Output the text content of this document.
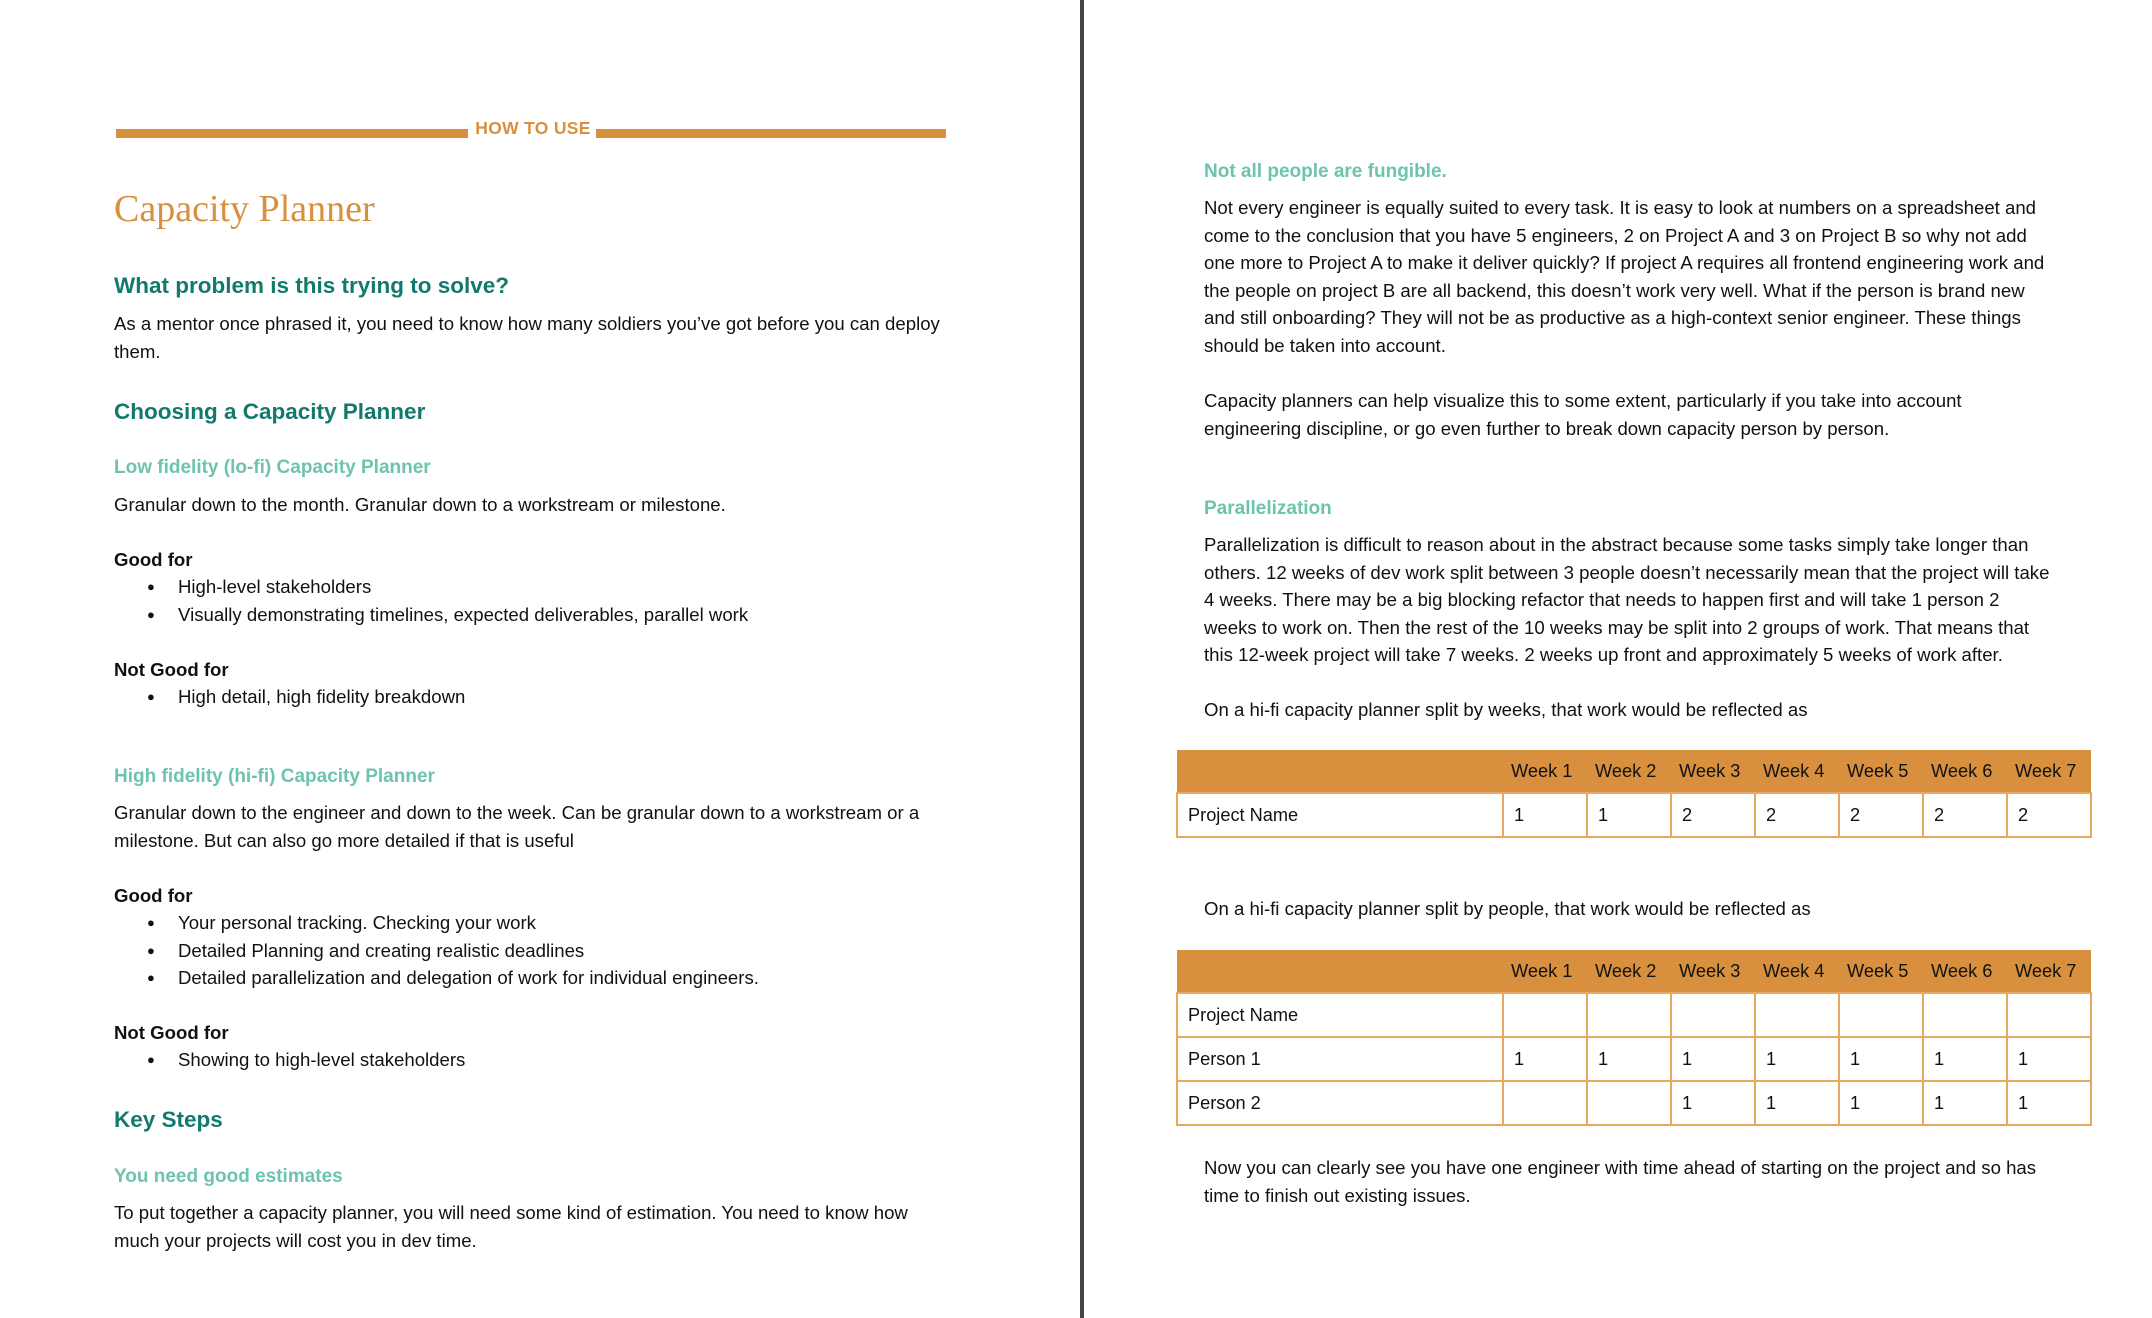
HOW TO USE
Capacity Planner
What problem is this trying to solve?

As a mentor once phrased it, you need to know how many soldiers you’ve got before you can deploy them.

Choosing a Capacity Planner
Low fidelity (lo-fi) Capacity Planner

Granular down to the month. Granular down to a workstream or milestone.

Good for

● High-level stakeholders
● Visually demonstrating timelines, expected deliverables, parallel work

Not Good for

● High detail, high fidelity breakdown
High fidelity (hi-fi) Capacity Planner

Granular down to the engineer and down to the week. Can be granular down to a workstream or a milestone. But can also go more detailed if that is useful

Good for

● Your personal tracking. Checking your work
● Detailed Planning and creating realistic deadlines
● Detailed parallelization and delegation of work for individual engineers.

Not Good for

● Showing to high-level stakeholders
Key Steps
You need good estimates

To put together a capacity planner, you will need some kind of estimation. You need to know how much your projects will cost you in dev time.

Not all people are fungible.

Not every engineer is equally suited to every task. It is easy to look at numbers on a spreadsheet and come to the conclusion that you have 5 engineers, 2 on Project A and 3 on Project B so why not add one more to Project A to make it deliver quickly? If project A requires all frontend engineering work and the people on project B are all backend, this doesn’t work very well. What if the person is brand new and still onboarding? They will not be as productive as a high-context senior engineer. These things should be taken into account.

Capacity planners can help visualize this to some extent, particularly if you take into account engineering discipline, or go even further to break down capacity person by person.

Parallelization

Parallelization is difficult to reason about in the abstract because some tasks simply take longer than others. 12 weeks of dev work split between 3 people doesn’t necessarily mean that the project will take 4 weeks. There may be a big blocking refactor that needs to happen first and will take 1 person 2 weeks to work on. Then the rest of the 10 weeks may be split into 2 groups of work. That means that this 12-week project will take 7 weeks. 2 weeks up front and approximately 5 weeks of work after.

On a hi-fi capacity planner split by weeks, that work would be reflected as

	Week 1	Week 2	Week 3	Week 4	Week 5	Week 6	Week 7
Project Name	1	1	2	2	2	2	2

On a hi-fi capacity planner split by people, that work would be reflected as

	Week 1	Week 2	Week 3	Week 4	Week 5	Week 6	Week 7
Project Name							
Person 1	1	1	1	1	1	1	1
Person 2			1	1	1	1	1

Now you can clearly see you have one engineer with time ahead of starting on the project and so has time to finish out existing issues.
